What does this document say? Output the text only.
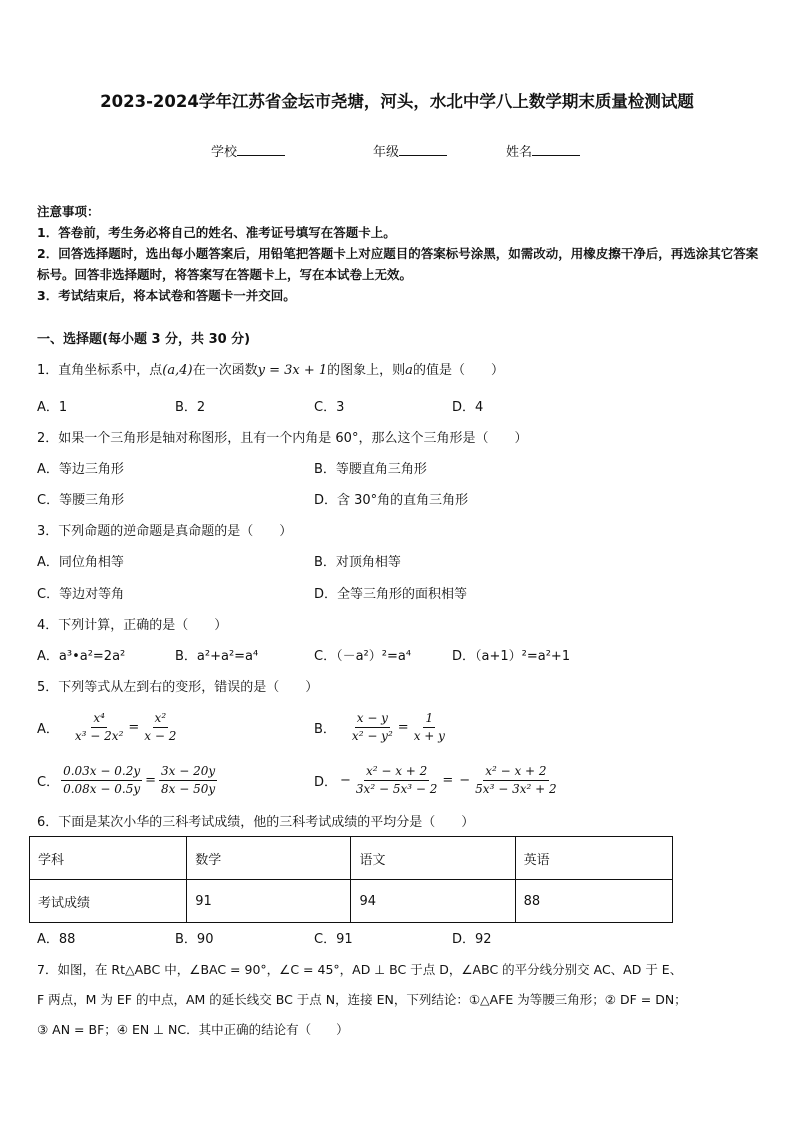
2023-2024学年江苏省金坛市尧塘，河头，水北中学八上数学期末质量检测试题
学校	年级	姓名
注意事项：
1．答卷前，考生务必将自己的姓名、准考证号填写在答题卡上。
2．回答选择题时，选出每小题答案后，用铅笔把答题卡上对应题目的答案标号涂黑，如需改动，用橡皮擦干净后，再选涂其它答案标号。回答非选择题时，将答案写在答题卡上，写在本试卷上无效。
3．考试结束后，将本试卷和答题卡一并交回。
一、选择题(每小题 3 分，共 30 分)
1．直角坐标系中，点(a,4)在一次函数y = 3x + 1的图象上，则a的值是（　　）
A．1	B．2	C．3	D．4
2．如果一个三角形是轴对称图形，且有一个内角是 60°，那么这个三角形是（　　）
A．等边三角形	B．等腰直角三角形
C．等腰三角形	D．含 30°角的直角三角形
3．下列命题的逆命题是真命题的是（　　）
A．同位角相等	B．对顶角相等
C．等边对等角	D．全等三角形的面积相等
4．下列计算，正确的是（　　）
A．a³•a²=2a²	B．a²+a²=a⁴	C．（－a²）²=a⁴	D．（a+1）²=a²+1
5．下列等式从左到右的变形，错误的是（　　）
A． $\frac{\text{x⁴}}{\text{x³ − 2x²}} = \frac{\text{x²}}{x - 2}$	B． $\frac{x - y}{\text{x² − y²}} = \frac{1}{x + y}$
C． $\frac{0.03x - 0.2y}{0.08x - 0.5y} = \frac{3x - 20y}{8x - 50y}$	D． − $\frac{\text{x² − x + 2}}{\text{3x² − 5x³ − 2}}$ = − $\frac{\text{x² − x + 2}}{\text{5x³ − 3x² + 2}}$
6．下面是某次小华的三科考试成绩，他的三科考试成绩的平均分是（　　）
学科	数学	语文	英语
考试成绩	91	94	88
A．88	B．90	C．91	D．92
7．如图，在 Rt△ABC 中，∠BAC = 90°，∠C = 45°，AD ⊥ BC 于点 D，∠ABC 的平分线分别交 AC、AD 于 E、
F 两点，M 为 EF 的中点，AM 的延长线交 BC 于点 N，连接 EN，下列结论：①△AFE 为等腰三角形；② DF = DN；
③ AN = BF；④ EN ⊥ NC．其中正确的结论有（　　）
